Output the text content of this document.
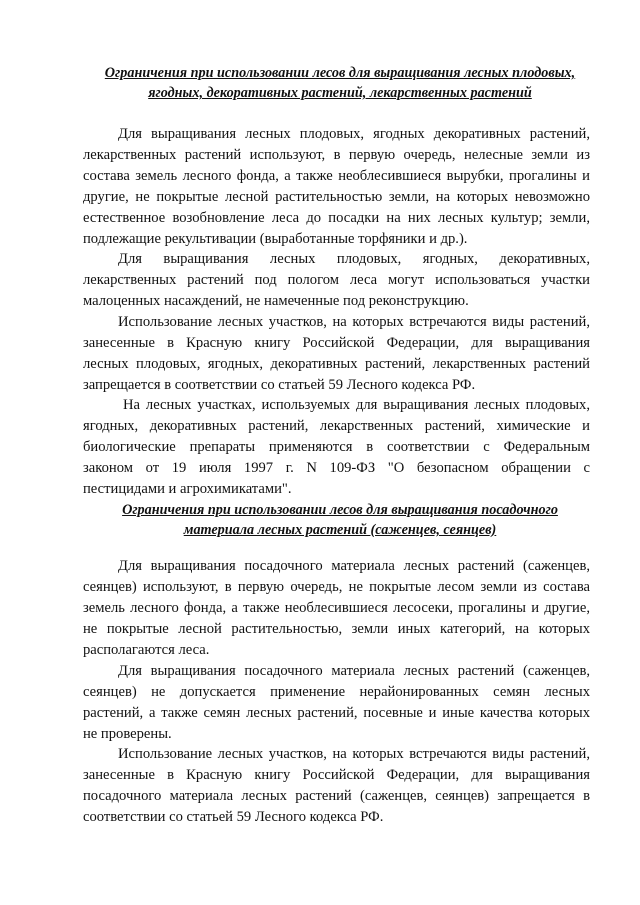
Ограничения при использовании лесов для выращивания лесных плодовых,
ягодных, декоративных растений, лекарственных растений

Для выращивания лесных плодовых, ягодных декоративных растений,
лекарственных растений используют, в первую очередь, нелесные земли из
состава земель лесного фонда, а также необлесившиеся вырубки, прогалины и
другие, не покрытые лесной растительностью земли, на которых невозможно
естественное возобновление леса до посадки на них лесных культур; земли,
подлежащие рекультивации (выработанные торфяники и др.).

Для выращивания лесных плодовых, ягодных, декоративных,
лекарственных растений под пологом леса могут использоваться участки
малоценных насаждений, не намеченные под реконструкцию.

Использование лесных участков, на которых встречаются виды растений,
занесенные в Красную книгу Российской Федерации, для выращивания
лесных плодовых, ягодных, декоративных растений, лекарственных растений
запрещается в соответствии со статьей 59 Лесного кодекса РФ.

На лесных участках, используемых для выращивания лесных плодовых,
ягодных, декоративных растений, лекарственных растений, химические и
биологические препараты применяются в соответствии с Федеральным
законом от 19 июля 1997 г. N 109-ФЗ "О безопасном обращении с
пестицидами и агрохимикатами".

Ограничения при использовании лесов для выращивания посадочного
материала лесных растений (саженцев, сеянцев)

Для выращивания посадочного материала лесных растений (саженцев,
сеянцев) используют, в первую очередь, не покрытые лесом земли из состава
земель лесного фонда, а также необлесившиеся лесосеки, прогалины и другие,
не покрытые лесной растительностью, земли иных категорий, на которых
располагаются леса.

Для выращивания посадочного материала лесных растений (саженцев,
сеянцев) не допускается применение нерайонированных семян лесных
растений, а также семян лесных растений, посевные и иные качества которых
не проверены.

Использование лесных участков, на которых встречаются виды растений,
занесенные в Красную книгу Российской Федерации, для выращивания
посадочного материала лесных растений (саженцев, сеянцев) запрещается в
соответствии со статьей 59 Лесного кодекса РФ.
